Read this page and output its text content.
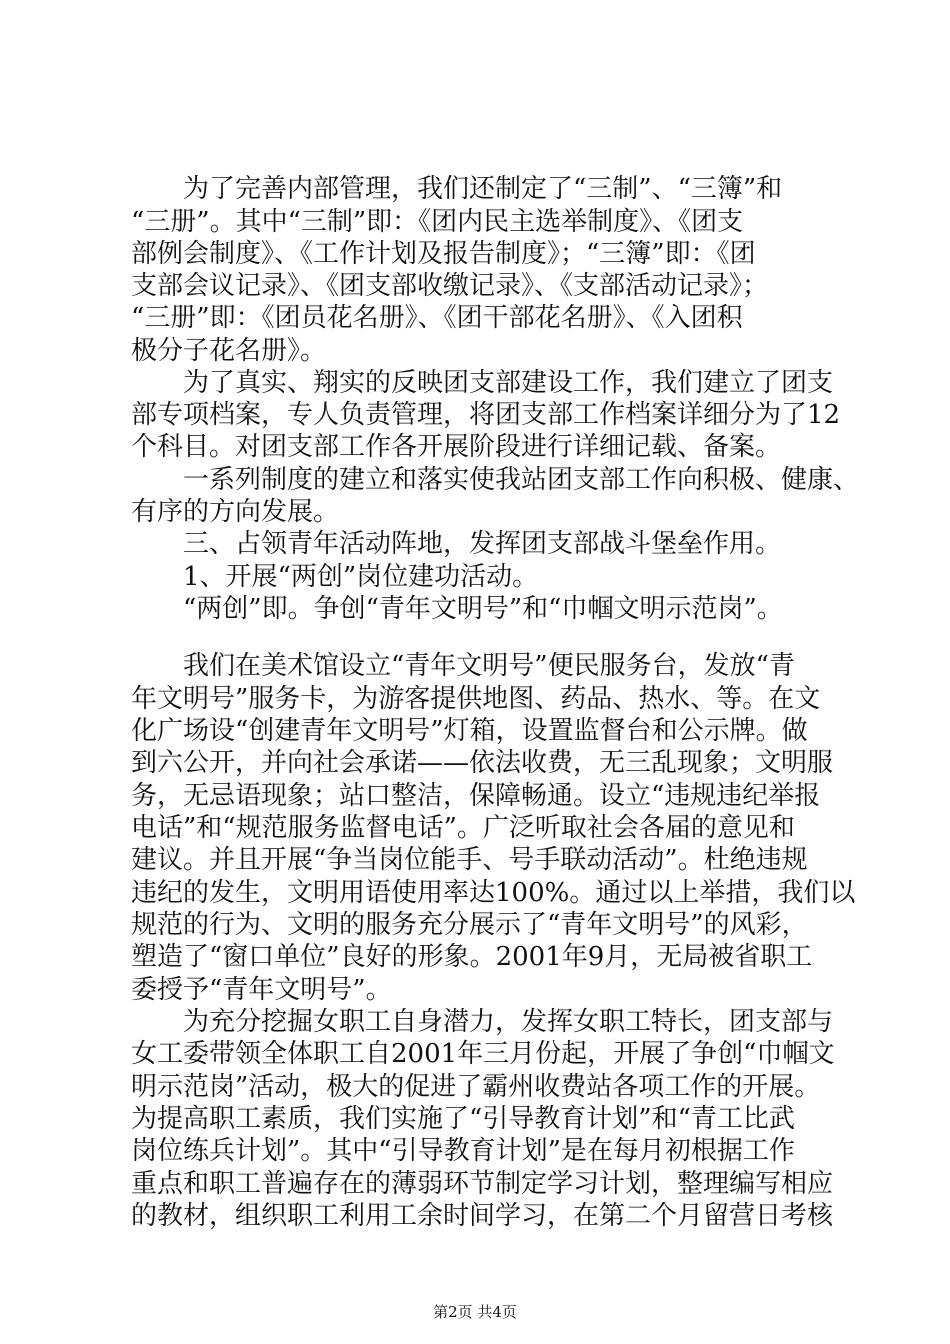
为了完善内部管理，我们还制定了“三制”、“三簿”和
“三册”。其中“三制”即：《团内民主选举制度》、《团支
部例会制度》、《工作计划及报告制度》；“三簿”即：《团
支部会议记录》、《团支部收缴记录》、《支部活动记录》；
“三册”即：《团员花名册》、《团干部花名册》、《入团积
极分子花名册》。
为了真实、翔实的反映团支部建设工作，我们建立了团支
部专项档案，专人负责管理，将团支部工作档案详细分为了12
个科目。对团支部工作各开展阶段进行详细记载、备案。
一系列制度的建立和落实使我站团支部工作向积极、健康、
有序的方向发展。
三、占领青年活动阵地，发挥团支部战斗堡垒作用。
1、开展“两创”岗位建功活动。
“两创”即。争创“青年文明号”和“巾帼文明示范岗”。
我们在美术馆设立“青年文明号”便民服务台，发放“青
年文明号”服务卡，为游客提供地图、药品、热水、等。在文
化广场设“创建青年文明号”灯箱，设置监督台和公示牌。做
到六公开，并向社会承诺——依法收费，无三乱现象；文明服
务，无忌语现象；站口整洁，保障畅通。设立“违规违纪举报
电话”和“规范服务监督电话”。广泛听取社会各届的意见和
建议。并且开展“争当岗位能手、号手联动活动”。杜绝违规
违纪的发生，文明用语使用率达100%。通过以上举措，我们以
规范的行为、文明的服务充分展示了“青年文明号”的风彩，
塑造了“窗口单位”良好的形象。2001年9月，无局被省职工
委授予“青年文明号”。
为充分挖掘女职工自身潜力，发挥女职工特长，团支部与
女工委带领全体职工自2001年三月份起，开展了争创“巾帼文
明示范岗”活动，极大的促进了霸州收费站各项工作的开展。
为提高职工素质，我们实施了“引导教育计划”和“青工比武
岗位练兵计划”。其中“引导教育计划”是在每月初根据工作
重点和职工普遍存在的薄弱环节制定学习计划，整理编写相应
的教材，组织职工利用工余时间学习，在第二个月留营日考核
第2页 共4页
